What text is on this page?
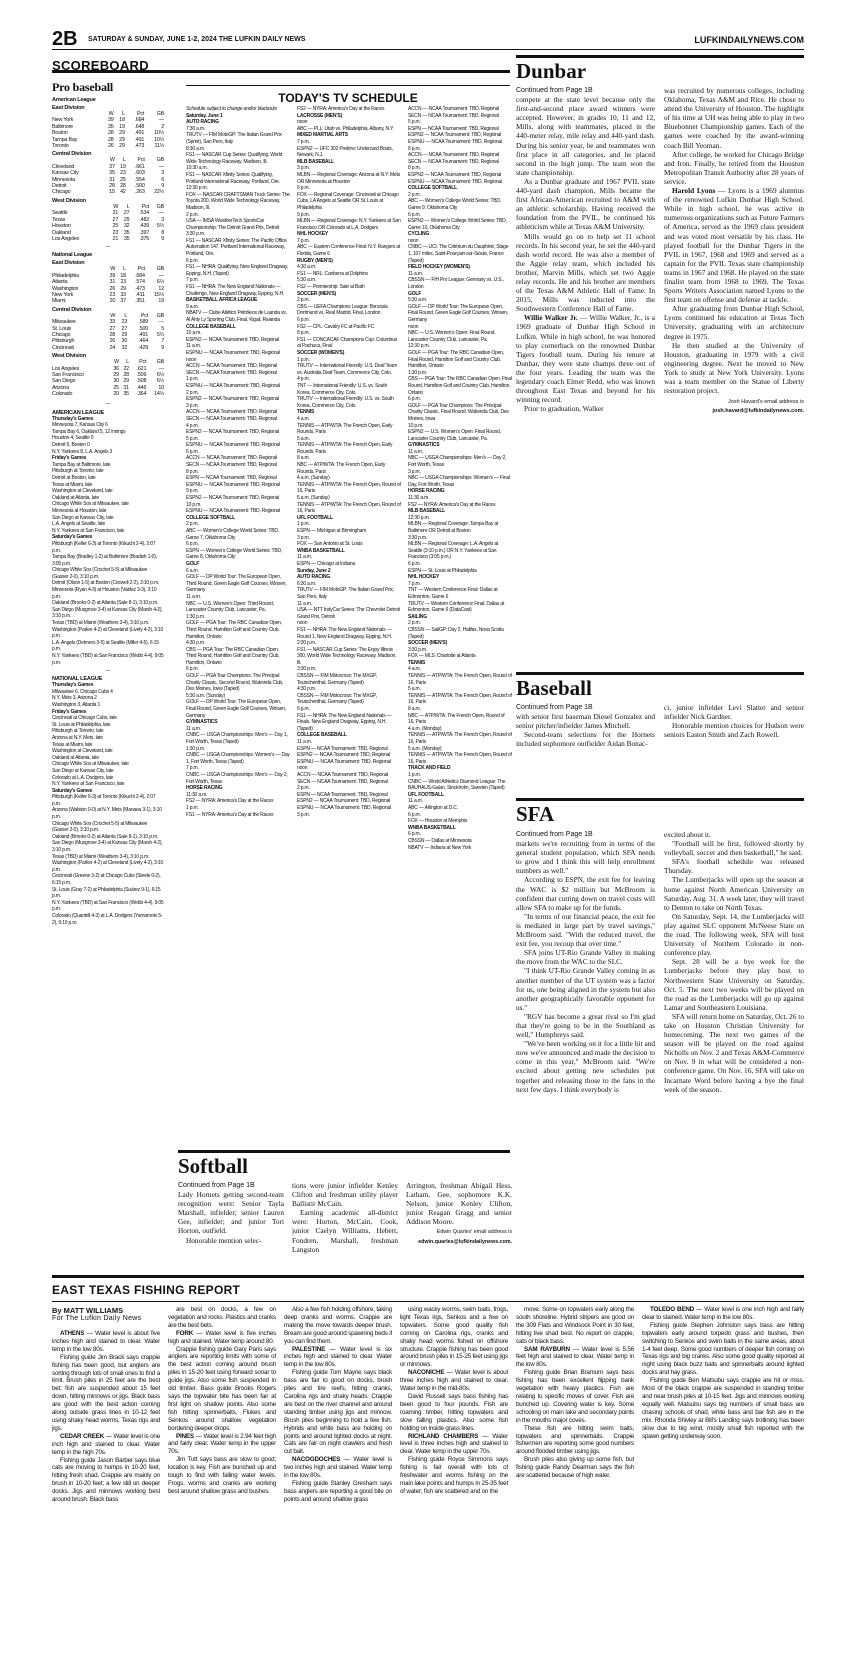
2B SATURDAY & SUNDAY, JUNE 1-2, 2024 THE LUFKIN DAILY NEWS	LUFKINDAILYNEWS.COM
SCOREBOARD
Pro baseball
American League
East Division
	W	L	Pct	GB
New York	39	18	.684	—
Baltimore	35	19	.648	2
Boston	28	29	.491	10½
Tampa Bay	28	29	.491	10½
Toronto	26	29	.473	11½
Central Division
	W	L	Pct	GB
Cleveland	37	19	.661	—
Kansas City	35	23	.603	3
Minnesota	31	25	.554	6
Detroit	28	28	.500	9
Chicago	15	42	.263	22½
West Division
	W	L	Pct	GB
Seattle	31	27	.534	—
Texas	27	29	.482	3
Houston	25	32	.439	5½
Oakland	23	35	.397	8
Los Angeles	21	35	.375	9
—
National League
East Division
	W	L	Pct	GB
Philadelphia	39	18	.684	—
Atlanta	31	23	.574	6½
Washington	26	29	.473	12
New York	23	33	.411	15½
Miami	20	37	.351	19
Central Division
	W	L	Pct	GB
Milwaukee	33	23	.589	—
St. Louis	27	27	.500	5
Chicago	28	29	.491	5½
Pittsburgh	26	30	.464	7
Cincinnati	24	32	.429	9
West Division
	W	L	Pct	GB
Los Angeles	36	22	.621	—
San Francisco	29	28	.509	6½
San Diego	30	29	.508	6½
Arizona	25	31	.446	10
Colorado	20	35	.364	14½
—
AMERICAN LEAGUE
Thursday's Games
Minnesota 7, Kansas City 6
Tampa Bay 6, Oakland 5, 12 innings
Houston 4, Seattle 0
Detroit 5, Boston 0
N.Y. Yankees 8, L.A. Angels 3
Friday's Games
Tampa Bay at Baltimore, late
Pittsburgh at Toronto, late
Detroit at Boston, late
Texas at Miami, late
Washington at Cleveland, late
Oakland at Atlanta, late
Chicago White Sox at Milwaukee, late
Minnesota at Houston, late
San Diego at Kansas City, late
L.A. Angels at Seattle, late
N.Y. Yankees at San Francisco, late
Saturday's Games
Pittsburgh (Keller 6-3) at Toronto (Kikuchi 2-4), 2:07 p.m.
Tampa Bay (Bradley 1-2) at Baltimore (Bradish 1-0), 3:05 p.m.
Chicago White Sox (Crochet 5-5) at Milwaukee (Gasser 2-0), 3:10 p.m.
Detroit (Olson 1-5) at Boston (Criswell 2-2), 3:10 p.m.
Minnesota (Ryan 4-3) at Houston (Valdez 3-3), 3:10 p.m.
Oakland (Brooks 0-2) at Atlanta (Sale 8-1), 3:10 p.m.
San Diego (Musgrove 3-4) at Kansas City (Marsh 4-2), 3:10 p.m.
Texas (TBD) at Miami (Weathers 3-4), 3:10 p.m.
Washington (Parker 4-2) at Cleveland (Lively 4-2), 3:10 p.m.
L.A. Angels (Detmers 3-5) at Seattle (Miller 4-5), 6:15 p.m.
N.Y. Yankees (TBD) at San Francisco (Webb 4-4), 9:05 p.m.
—
NATIONAL LEAGUE
Thursday's Games
Milwaukee 6, Chicago Cubs 4
N.Y. Mets 3, Arizona 2
Washington 3, Atlanta 1
Friday's Games
Cincinnati at Chicago Cubs, late
St. Louis at Philadelphia, late
Pittsburgh at Toronto, late
Arizona at N.Y. Mets, late
Texas at Miami, late
Washington at Cleveland, late
Oakland at Atlanta, late
Chicago White Sox at Milwaukee, late
San Diego at Kansas City, late
Colorado at L.A. Dodgers, late
N.Y. Yankees at San Francisco, late
Saturday's Games
Pittsburgh (Keller 6-3) at Toronto (Kikuchi 2-4), 2:07 p.m.
Arizona (Walston 0-0) at N.Y. Mets (Manaea 3-1), 3:10 p.m.
Chicago White Sox (Crochet 5-5) at Milwaukee (Gasser 2-0), 3:10 p.m.
Oakland (Brooks 0-2) at Atlanta (Sale 8-1), 3:10 p.m.
San Diego (Musgrove 3-4) at Kansas City (Marsh 4-2), 3:10 p.m.
Texas (TBD) at Miami (Weathers 3-4), 3:10 p.m.
Washington (Parker 4-2) at Cleveland (Lively 4-2), 3:10 p.m.
Cincinnati (Greene 3-2) at Chicago Cubs (Steele 0-2), 6:15 p.m.
St. Louis (Gray 7-2) at Philadelphia (Suárez 9-1), 6:15 p.m.
N.Y. Yankees (TBD) at San Francisco (Webb 4-4), 9:05 p.m.
Colorado (Quantrill 4-3) at L.A. Dodgers (Yamamoto 5-2), 9:10 p.m.
TODAY'S TV SCHEDULE
Schedule subject to change and/or blackouts
Saturday, June 1
AUTO RACING
7:30 a.m.
TRUTV — FIM MotoGP: The Italian Grand Prix (Sprint), San Pero, Italy
8:30 a.m.
FS1 — NASCAR Cup Series: Qualifying, World Wide Technology Raceway, Madison, Ill.
10:30 a.m.
FS1 — NASCAR Xfinity Series: Qualifying, Portland International Raceway, Portland, Ore.
12:30 p.m.
FOX — NASCAR CRAFTSMAN Truck Series: The Toyota 200, World Wide Technology Raceway, Madison, Ill.
2 p.m.
USA — IMSA WeatherTech SportsCar Championship: The Detroit Grand Prix, Detroit
3:30 p.m.
FS1 — NASCAR Xfinity Series: The Pacific Office Automation 147, Portland International Raceway, Portland, Ore.
6 p.m.
FS1 — NHRA: Qualifying, New England Dragway, Epping, N.H. (Taped)
7 p.m.
FS1 — NHRA: The New England Nationals — Challenge, New England Dragway, Epping, N.H.
BASKETBALL AFRICA LEAGUE
9 a.m.
NBATV — Clube Atlético Petróleos de Luanda vs. Al Ahly Ly Sporting Club, Final, Kigali, Rwanda
COLLEGE BASEBALL
10 a.m.
ESPN2 — NCAA Tournament: TBD, Regional
11 a.m.
ESPNU — NCAA Tournament: TBD, Regional
noon
ACCN — NCAA Tournament: TBD, Regional
SECN — NCAA Tournament: TBD, Regional
1 p.m.
ESPNU — NCAA Tournament: TBD, Regional
2 p.m.
ESPN2 — NCAA Tournament: TBD, Regional
3 p.m.
ACCN — NCAA Tournament: TBD, Regional
SECN — NCAA Tournament: TBD, Regional
4 p.m.
ESPN2 — NCAA Tournament: TBD, Regional
5 p.m.
ESPNU — NCAA Tournament: TBD, Regional
6 p.m.
ACCN — NCAA Tournament: TBD, Regional
SECN — NCAA Tournament: TBD, Regional
8 p.m.
ESPN — NCAA Tournament: TBD, Regional
ESPNU — NCAA Tournament: TBD, Regional
9 p.m.
ESPN2 — NCAA Tournament: TBD, Regional
10 p.m.
ESPNU — NCAA Tournament: TBD, Regional
COLLEGE SOFTBALL
2 p.m.
ABC — Women's College World Series: TBD, Game 7, Oklahoma City
6 p.m.
ESPN — Women's College World Series: TBD, Game 8, Oklahoma City
GOLF
6 a.m.
GOLF — DP World Tour: The European Open, Third Round, Green Eagle Golf Courses, Winsen, Germany
11 a.m.
NBC — U.S. Women's Open: Third Round, Lancaster Country Club, Lancaster, Pa.
1:30 p.m.
GOLF — PGA Tour: The RBC Canadian Open, Third Round, Hamilton Golf and Country Club, Hamilton, Ontario
4:30 p.m.
CBS — PGA Tour: The RBC Canadian Open, Third Round, Hamilton Golf and Country Club, Hamilton, Ontario
6 p.m.
GOLF — PGA Tour Champions: The Principal Charity Classic, Second Round, Wakonda Club, Des Moines, Iowa (Taped)
5:30 a.m. (Sunday)
GOLF — DP World Tour: The European Open, Final Round, Green Eagle Golf Courses, Winsen, Germany
GYMNASTICS
11 a.m.
CNBC — USGA Championships: Men's — Day 1, Fort Worth, Texas (Taped)
1:30 p.m.
CNBC — USGA Championships: Women's — Day 1, Fort Worth, Texas (Taped)
7 p.m.
CNBC — USGA Championships: Men's — Day 2, Fort Worth, Texas
HORSE RACING
11:30 a.m.
FS2 — NYRA: America's Day at the Races
1 p.m.
FS1 — NYRA: America's Day at the Races
FS2 — NYRA: America's Day at the Races
LACROSSE (MEN'S)
noon
ABC — PLL: Utah vs. Philadelphia, Albany, N.Y.
MIXED MARTIAL ARTS
7 p.m.
ESPN2 — UFC 302 Prelims: Undercard Bouts, Newark, N.J.
MLB BASEBALL
3 p.m.
MLBN — Regional Coverage: Arizona at N.Y. Mets OR Minnesota at Houston
6 p.m.
FOX — Regional Coverage: Cincinnati at Chicago Cubs, LA Angels at Seattle OR St. Louis at Philadelphia
9 p.m.
MLBN — Regional Coverage: N.Y. Yankees at San Francisco OR Colorado at L.A. Dodgers
NHL HOCKEY
7 p.m.
ABC — Eastern Conference Final: N.Y. Rangers at Florida, Game 6
RUGBY (MEN'S)
4:30 a.m.
FS1 — NRL: Canberra at Dolphins
5:30 a.m.
FS2 — Premiership: Sale at Bath
SOCCER (MEN'S)
2 p.m.
CBS — UEFA Champions League: Borussia Dortmund vs. Real Madrid, Final, London
6 p.m.
FS2 — CPL: Cavalry FC at Pacific FC
8 p.m.
FS1 — CONCACAF Champions Cup: Columbus at Pachuca, Final
SOCCER (WOMEN'S)
1 p.m.
TRUTV — International Friendly: U.S. Deaf Team vs. Australia Deaf Team, Commerce City, Colo.
4 p.m.
TNT — International Friendly: U.S. vs. South Korea, Commerce City, Colo.
TRUTV — International Friendly: U.S. vs. South Korea, Commerce City, Colo.
TENNIS
4 a.m.
TENNIS — ATP/WTA: The French Open, Early Rounds, Paris
5 a.m.
TENNIS — ATP/WTA: The French Open, Early Rounds, Paris
8 a.m.
NBC — ATP/WTA: The French Open, Early Rounds, Paris
4 a.m. (Sunday)
TENNIS — ATP/WTA: The French Open, Round of 16, Paris
5 a.m. (Sunday)
TENNIS — ATP/WTA: The French Open, Round of 16, Paris
UFL FOOTBALL
1 p.m.
ESPN — Michigan at Birmingham
3 p.m.
FOX — San Antonio at St. Louis
WNBA BASKETBALL
11 a.m.
ESPN — Chicago at Indiana
Sunday, June 2
AUTO RACING
6:30 a.m.
TRUTV — FIM MotoGP: The Italian Grand Prix, San Pero, Italy
11 a.m.
USA — NTT IndyCar Series: The Chevrolet Detroit Grand Prix, Detroit
noon
FS1 — NHRA: The New England Nationals — Round 1, New England Dragway, Epping, N.H.
2:30 p.m.
FS1 — NASCAR Cup Series: The Enjoy Illinois 300, World Wide Technology Raceway, Madison, Ill.
3:30 p.m.
CBSSN — FIM Motocross: The MXGP, Teutschenthal, Germany (Taped)
4:30 p.m.
CBSSN — FIM Motocross: The MXGP, Teutschenthal, Germany (Taped)
6 p.m.
FS1 — NHRA: The New England Nationals — Finals, New England Dragway, Epping, N.H. (Taped)
COLLEGE BASEBALL
11 a.m.
ESPN — NCAA Tournament: TBD, Regional
ESPN2 — NCAA Tournament: TBD, Regional
ESPNU — NCAA Tournament: TBD, Regional
noon
ACCN — NCAA Tournament: TBD, Regional
SECN — NCAA Tournament: TBD, Regional
2 p.m.
ESPN — NCAA Tournament: TBD, Regional
ESPN2 — NCAA Tournament: TBD, Regional
ESPNU — NCAA Tournament: TBD, Regional
3 p.m.
ACCN — NCAA Tournament: TBD, Regional
SECN — NCAA Tournament: TBD, Regional
5 p.m.
ESPN — NCAA Tournament: TBD, Regional
ESPN2 — NCAA Tournament: TBD, Regional
ESPNU — NCAA Tournament: TBD, Regional
6 p.m.
ACCN — NCAA Tournament: TBD, Regional
SECN — NCAA Tournament: TBD, Regional
8 p.m.
ESPN2 — NCAA Tournament: TBD, Regional
ESPNU — NCAA Tournament: TBD, Regional
COLLEGE SOFTBALL
2 p.m.
ABC — Women's College World Series: TBD, Game 9, Oklahoma City
6 p.m.
ESPN2 — Women's College World Series: TBD, Game 10, Oklahoma City
CYCLING
noon
CNBC — UCI: The Critérium du Dauphiné, Stage 1, 107 miles, Saint-Pourçain-sur-Sioule, France (Taped)
FIELD HOCKEY (WOMEN'S)
11 a.m.
CBSSN — FIH Pro League: Germany vs. U.S., London
GOLF
5:30 a.m.
GOLF — DP World Tour: The European Open, Final Round, Green Eagle Golf Courses, Winsen, Germany
noon
NBC — U.S. Women's Open: Final Round, Lancaster Country Club, Lancaster, Pa.
12:30 p.m.
GOLF — PGA Tour: The RBC Canadian Open, Final Round, Hamilton Golf and Country Club, Hamilton, Ontario
1:30 p.m.
CBS — PGA Tour: The RBC Canadian Open, Final Round, Hamilton Golf and Country Club, Hamilton, Ontario
6 p.m.
GOLF — PGA Tour Champions: The Principal Charity Classic, Final Round, Wakonda Club, Des Moines, Iowa
10 p.m.
ESPN2 — U.S. Women's Open: Final Round, Lancaster Country Club, Lancaster, Pa.
GYMNASTICS
11 a.m.
NBC — USGA Championships: Men's — Day 2, Fort Worth, Texas
3 p.m.
NBC — USGA Championships: Women's — Final Day, Fort Worth, Texas
HORSE RACING
11:30 a.m.
FS2 — NYRA: America's Day at the Races
MLB BASEBALL
12:30 p.m.
MLBN — Regional Coverage: Tampa Bay at Baltimore OR Detroit at Boston
3:30 p.m.
MLBN — Regional Coverage: L.A. Angels at Seattle (3:10 p.m.) OR N.Y. Yankees at San Francisco (3:05 p.m.)
6 p.m.
ESPN — St. Louis at Philadelphia
NHL HOCKEY
7 p.m.
TNT — Western Conference Final: Dallas at Edmonton, Game 6
TRUTV — Western Conference Final: Dallas at Edmonton, Game 6 (DataCast)
SAILING
2 p.m.
CBSSN — SailGP: Day 2, Halifax, Nova Scotia (Taped)
SOCCER (MEN'S)
3:30 p.m.
FOX — MLS: Charlotte at Atlanta
TENNIS
4 a.m.
TENNIS — ATP/WTA: The French Open, Round of 16, Paris
5 a.m.
TENNIS — ATP/WTA: The French Open, Round of 16, Paris
8 a.m.
NBC — ATP/WTA: The French Open, Round of 16, Paris
4 a.m. (Monday)
TENNIS — ATP/WTA: The French Open, Round of 16, Paris
5 a.m. (Monday)
TENNIS — ATP/WTA: The French Open, Round of 16, Paris
TRACK AND FIELD
1 p.m.
CNBC — World Athletics Diamond League: The BAUHAUS-Galan, Stockholm, Sweden (Taped)
UFL FOOTBALL
11 a.m.
ABC — Arlington at D.C.
6 p.m.
FOX — Houston at Memphis
WNBA BASKETBALL
6 p.m.
CBSSN — Dallas at Minnesota
NBATV — Indiana at New York
Dunbar
Continued from Page 1B

compete at the state level because only the first-and-second place award winners were accepted. However, in grades 10, 11 and 12, Mills, along with teammates, placed in the 440-meter relay, mile relay and 440-yard dash. During his senior year, he and teammates won first place in all categories, and he placed second in the high jump. The team won the state championship.

As a Dunbar graduate and 1967 PVIL state 440-yard dash champion, Mills became the first African-American recruited to A&M with an athletic scholarship. Having received the foundation from the PVIL, he continued his athleticism while at Texas A&M University.

Mills would go on to help set 11 school records. In his second year, he set the 440-yard dash world record. He was also a member of the Aggie relay team, which included his brother, Marvin Mills, which set two Aggie relay records. He and his brother are members of the Texas A&M Athletic Hall of Fame. In 2015, Mills was inducted into the Southwestern Conference Hall of Fame.

Willie Walker Jr. — Willie Walker, Jr., is a 1969 graduate of Dunbar High School in Lufkin. While in high school, he was honored to play cornerback on the renowned Dunbar Tigers football team. During his tenure at Dunbar, they were state champs three out of the four years. Leading the team was the legendary coach Elmer Redd, who was known throughout East Texas and beyond for his winning record.

Prior to graduation, Walker

was recruited by numerous colleges, including Oklahoma, Texas A&M and Rice. He chose to attend the University of Houston. The highlight of his time at UH was being able to play in two Bluebonnet Championship games. Each of the games were coached by the award-winning coach Bill Yeoman.

After college, he worked for Chicago Bridge and Iron. Finally, he retired from the Houston Metropolitan Transit Authority after 28 years of service.

Harold Lyons — Lyons is a 1969 alumnus of the renowned Lufkin Dunbar High School. While in high school, he was active in numerous organizations such as Future Farmers of America, served as the 1969 class president and was voted most versatile by his class. He played football for the Dunbar Tigers in the PVIL in 1967, 1968 and 1969 and served as a captain for the PVIL Texas state championship teams in 1967 and 1968. He played on the state finalist team from 1968 to 1969. The Texas Sports Writers Association named Lyons to the first team on offense and defense at tackle.

After graduating from Dunbar High School, Lyons continued his education at Texas Tech University, graduating with an architecture degree in 1975.

He then studied at the University of Houston, graduating in 1979 with a civil engineering degree. Next he moved to New York to study at New York University. Lyons was a team member on the Statue of Liberty restoration project.

Josh Havard's email address is
josh.havard@lufkindailynews.com.
Baseball
Continued from Page 1B

with senior first baseman Diesel Gonzalez and senior pitcher/infielder James Mitchell.

Second-team selections for the Hornets included sophomore outfielder Aidan Bonac-

ci, junior infielder Levi Slatter and senior infielder Nick Gardner.

Honorable mention choices for Hudson were seniors Easton Smith and Zach Rowell.

SFA
Continued from Page 1B

markets we're recruiting from in terms of the general student population, which SFA needs to grow and I think this will help enrollment numbers as well."

According to ESPN, the exit fee for leaving the WAC is $2 million but McBroom is confident that cutting down on travel costs will allow SFA to make up for the funds.

"In terms of our financial peace, the exit fee is mediated in large part by travel savings," McBroom said. "With the reduced travel, the exit fee, you recoup that over time."

SFA joins UT-Rio Grande Valley in making the move from the WAC to the SLC.

"I think UT-Rio Grande Valley coming in as another member of the UT system was a factor for us, one being aligned in the system but also another geographically favorable opponent for us."

"RGV has become a great rival so I'm glad that they're going to be in the Southland as well," Humphreys said.

"We've been working on it for a little bit and now we've announced and made the decision to come in this year," McBroom said. "We're excited about getting new schedules put together and releasing those to the fans in the next few days. I think everybody is

excited about it.

"Football will be first, followed shortly by volleyball, soccer and then basketball," he said.

SFA's football schedule was released Thursday.

The Lumberjacks will open up the season at home against North American University on Saturday, Aug. 31. A week later, they will travel to Denton to take on North Texas.

On Saturday, Sept. 14, the Lumberjacks will play against SLC opponent McNeese State on the road. The following week, SFA will host University of Northern Colorado in non-conference play.

Sept. 28 will be a bye week for the Lumberjacks before they play host to Northwestern State University on Saturday, Oct. 5. The next two weeks will be played on the road as the Lumberjacks will go up against Lamar and Southeastern Louisiana.

SFA will return home on Saturday, Oct. 26 to take on Houston Christian University for homecoming. The next two games of the season will be played on the road against Nicholls on Nov. 2 and Texas A&M-Commerce on Nov. 9 in what will be considered a non-conference game. On Nov. 16, SFA will take on Incarnate Word before having a bye the final week of the season.

Softball
Continued from Page 1B

Lady Hornets getting second-team recognition were: Senior Tayla Marshall, infielder; senior Lauren Gee, infielder; and junior Tori Horton, outfield.

Honorable mention selec-

tions were junior infielder Kenley Clifton and freshman utility player Ballistir McCain.

Earning academic all-district were: Horton, McCain, Cook, junior Caelyn Williams, Hebert, Fondren, Marshall, freshman Langston

Arrington, freshman Abigail Hess, Latham, Gee, sophomore K.K. Nelson, junior Kenley Clifton, junior Reagan Gragg and senior Addison Moore.

Edwin Quarles' email address is
edwin.quarles@lufkindailynews.com.
EAST TEXAS FISHING REPORT
By MATT WILLIAMS
For The Lufkin Daily News

ATHENS — Water level is about five inches high and stained to clear. Water temp in the low 80s.

Fishing guide Jim Brack says crappie fishing has been good, but anglers are sorting through lots of small ones to find a limit. Brush piles in 25 feet are the best bet; fish are suspended about 15 feet down, hitting minnows or jigs. Black bass are good with the best action coming along outside grass lines in 10-12 feet using shaky head worms, Texas rigs and jigs.

CEDAR CREEK — Water level is one inch high and stained to clear. Water temp in the high 70s.

Fishing guide Jason Barber says blue cats are moving to humps in 10-20 feet, hitting fresh shad. Crappie are mainly on brush in 10-20 feet; a few still on deeper docks. Jigs and minnows working best around brush. Black bass

are best on docks, a few on vegetation and rocks. Plastics and cranks are the best bets.

FORK — Water level is five inches high and stained. Water temp around 80.

Crappie fishing guide Gary Paris says anglers are reporting limits with some of the best action coming around brush piles in 15-20 feet using forward sonar to guide jigs. Also some fish suspended in old timber. Bass guide Brooks Rogers says the topwater bite has been fair at first light on shallow points. Also some fish hitting spinnerbaits, Flukes and Senkos around shallow vegetation bordering deeper drops.

PINES — Water level is 2.94 feet high and fairly clear. Water temp in the upper 70s.

Jim Tutt says bass are slow to good; location is key. Fish are bunched up and tough to find with falling water levels. Frogs, worms and cranks are working best around shallow grass and bushes.

Also a few fish holding offshore, taking deep cranks and worms. Crappie are making the move towards deeper brush. Bream are good around spawning beds if you can find them.

PALESTINE — Water level is six inches high and stained to clear. Water temp in the low 80s.

Fishing guide Tom Mayne says black bass are fair to good on docks, brush piles and tire reefs, hitting cranks, Carolina rigs and shaky heads. Crappie are best on the river channel and around standing timber using jigs and minnow. Brush piles beginning to hold a few fish. Hybrids and white bass are holding on points and around lighted docks at night. Cats are fair on night crawlers and fresh cut bait.

NACOGDOCHES — Water level is two inches high and stained. Water temp in the low 80s.

Fishing guide Stanley Gresham says bass anglers are reporting a good bite on points and around shallow grass

using wacky worms, swim baits, frogs, light Texas rigs, Senkos and a few on topwaters. Some good quality fish coming on Carolina rigs, cranks and shaky head worms fished on offshore structure. Crappie fishing has been good around brush piles in 15-25 feet using jigs or minnows.

NACONICHE — Water level is about three inches high and stained to clear. Water temp in the mid-80s.

David Russell says bass fishing has been good to four pounds. Fish are roaming timber, hitting topwaters and slow falling plastics. Also some fish holding on inside grass lines.

RICHLAND CHAMBERS — Water level is three inches high and stained to clear. Water temp in the upper 70s.

Fishing guide Royce Simmons says fishing is fair overall with lots of freshwater and worms fishing on the main lake points and humps in 25-35 feet of water; fish are scattered and on the

move. Some on topwaters early along the south shoreline. Hybrid stripers are good on the 309 Flats and Windsock Point in 30 feet, hitting live shad best. No report on crappie, cats or black bass.

SAM RAYBURN — Water level is 5.56 feet high and stained to clear. Water temp in the low 80s.

Fishing guide Brian Bramum says bass fishing has been excellent flipping bank vegetation with heavy plastics. Fish are relating to specific moves of cover. Fish are bunched up. Covering water is key. Some schooling on main lake and secondary points in the mouths major coves.

These fish are hitting swim baits, topwaters and spinnerbaits. Crappie fishermen are reporting some good numbers around flooded timber using jigs.

Brush piles also giving up some fish, but fishing guide Randy Dearman says the fish are scattered because of high water.

TOLEDO BEND — Water level is one inch high and fairly clear to stained. Water temp in the low 80s.

Fishing guide Stephen Johnston says bass are hitting topwaters early around torpedo grass and bushes, then switching to Senkos and swim baits in the same areas, about 1-4 feet deep. Some good numbers of deeper fish coming on Texas rigs and big cranks. Also some good quality reported at night using black buzz baits and spinnerbaits around lighted docks and hay grass.

Fishing guide Ben Matsubu says crappie are hit or miss. Most of the black crappie are suspended in standing timber and near brush piles at 10-15 feet. Jigs and minnows working equally well. Matsubu says big numbers of small bass are chasing schools of shad, white bass and bar fish are in the mix. Rhonda Shivley at Bill's Landing says trotlining has been slow due to big wind, mostly small fish reported with the spawn getting underway soon.
